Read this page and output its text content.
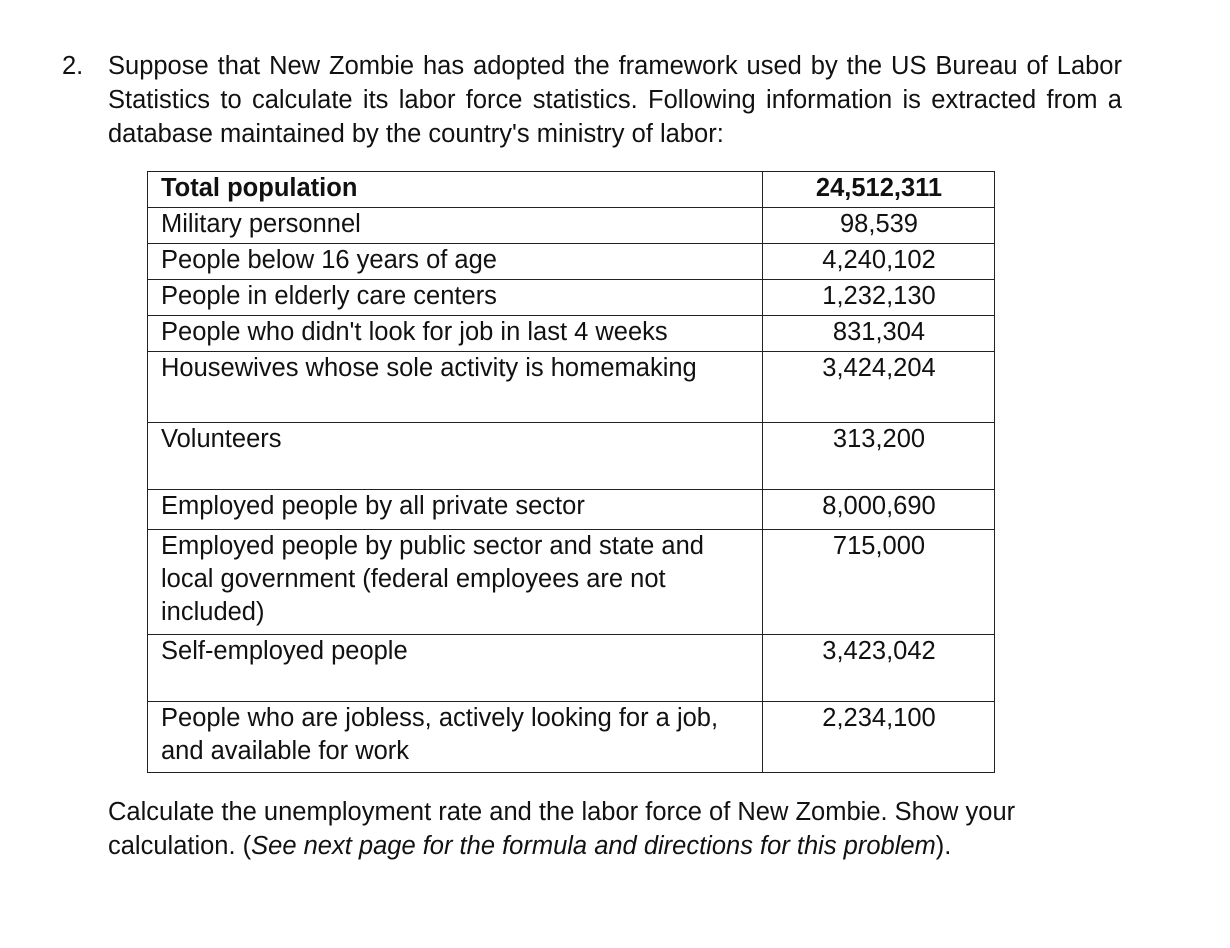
2. Suppose that New Zombie has adopted the framework used by the US Bureau of Labor Statistics to calculate its labor force statistics. Following information is extracted from a database maintained by the country's ministry of labor:
Total population	24,512,311
Military personnel	98,539
People below 16 years of age	4,240,102
People in elderly care centers	1,232,130
People who didn't look for job in last 4 weeks	831,304
Housewives whose sole activity is homemaking	3,424,204
Volunteers	313,200
Employed people by all private sector	8,000,690
Employed people by public sector and state and local government (federal employees are not included)	715,000
Self-employed people	3,423,042
People who are jobless, actively looking for a job, and available for work	2,234,100
Calculate the unemployment rate and the labor force of New Zombie. Show your calculation. (See next page for the formula and directions for this problem).
